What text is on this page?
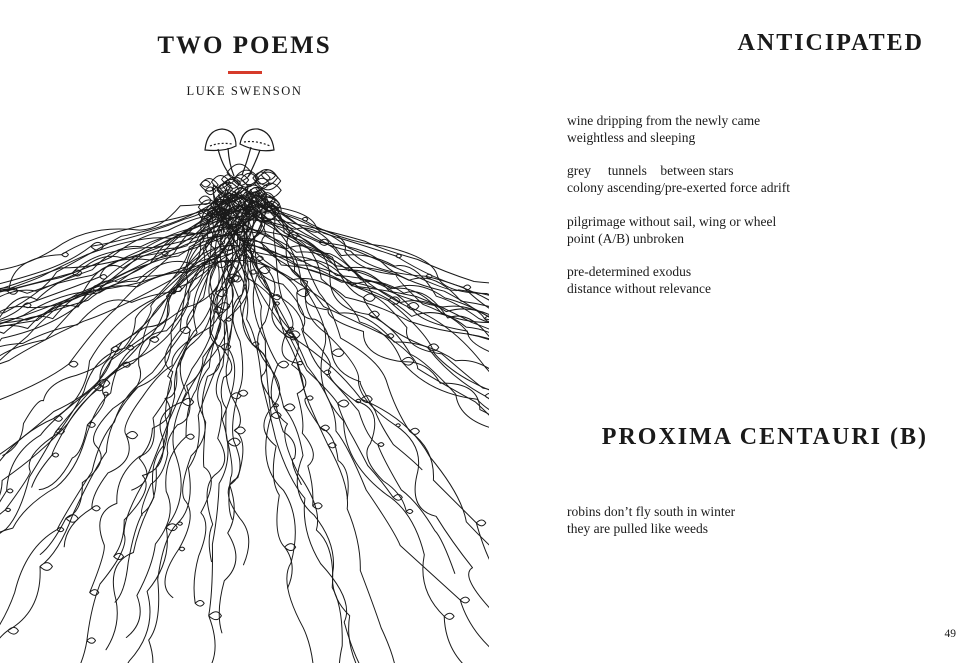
TWO POEMS

LUKE SWENSON

ANTICIPATED

wine dripping from the newly came
weightless and sleeping

grey     tunnels    between stars
colony ascending/pre-exerted force adrift

pilgrimage without sail, wing or wheel
point (A/B) unbroken

pre-determined exodus
distance without relevance

PROXIMA CENTAURI (B)

robins don’t fly south in winter
they are pulled like weeds

49
